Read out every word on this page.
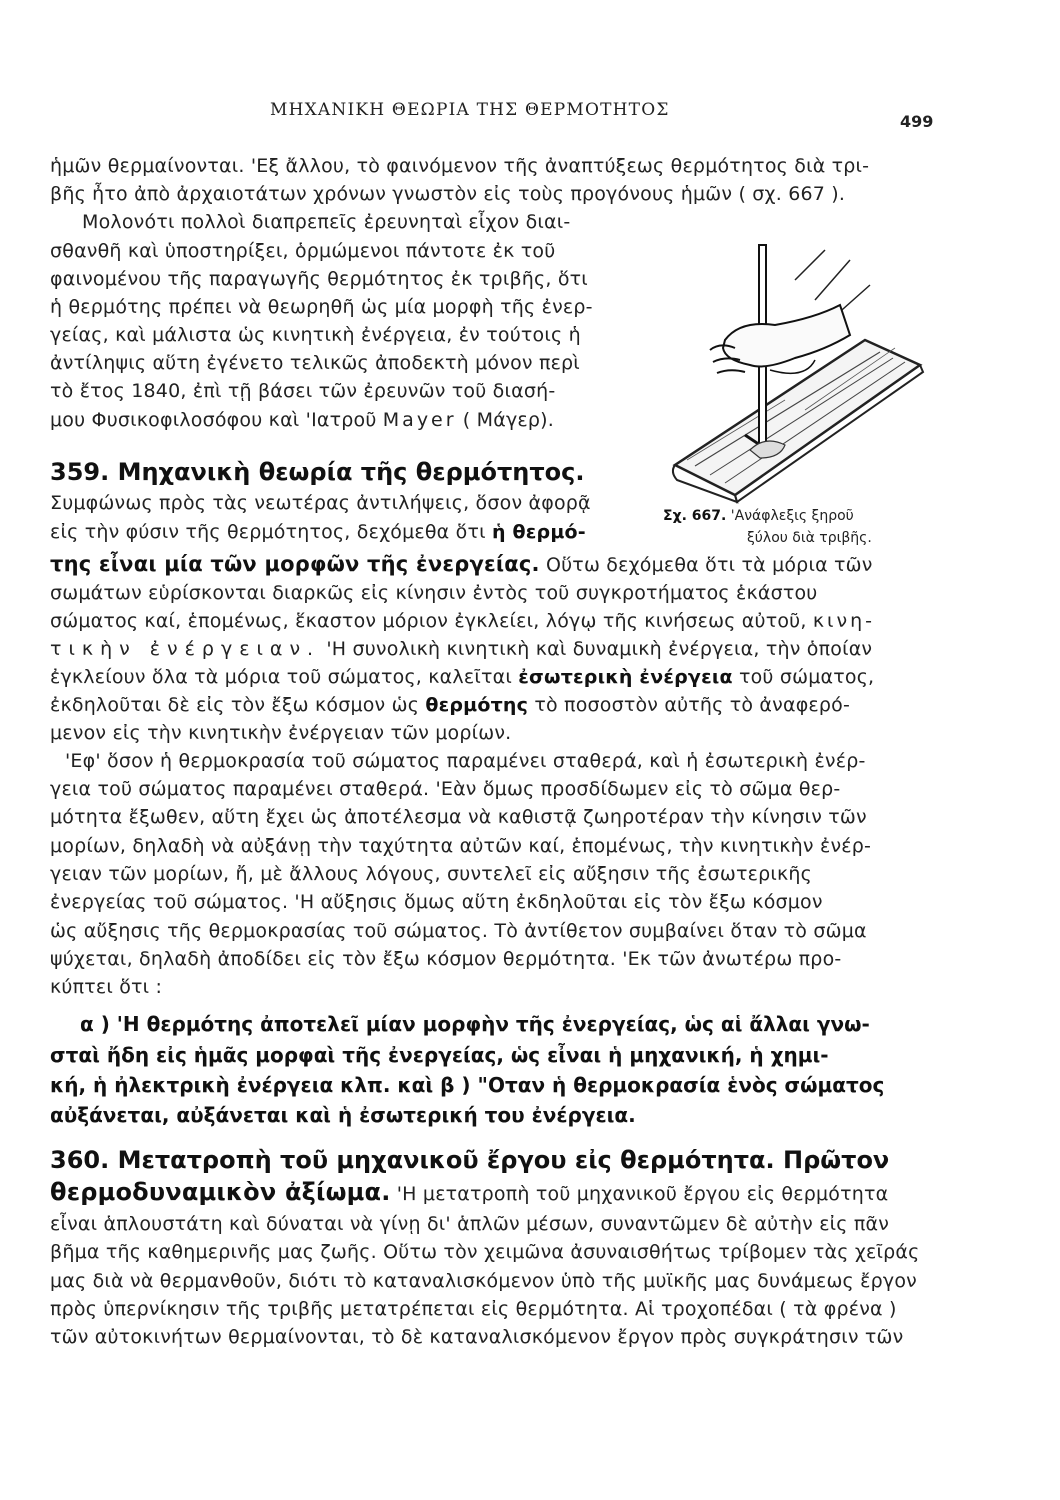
ΜΗΧΑΝΙΚΗ ΘΕΩΡΙΑ ΤΗΣ ΘΕΡΜΟΤΗΤΟΣ
499
ἡμῶν θερμαίνονται. 'Εξ ἄλλου, τὸ φαινόμενον τῆς ἀναπτύξεως θερμότητος διὰ τρι-
βῆς ἦτο ἀπὸ ἀρχαιοτάτων χρόνων γνωστὸν εἰς τοὺς προγόνους ἡμῶν ( σχ. 667 ).
Μολονότι πολλοὶ διαπρεπεῖς ἐρευνηταὶ εἶχον διαι-
σθανθῆ καὶ ὑποστηρίξει, ὁρμώμενοι πάντοτε ἐκ τοῦ
φαινομένου τῆς παραγωγῆς θερμότητος ἐκ τριβῆς, ὅτι
ἡ θερμότης πρέπει νὰ θεωρηθῆ ὡς μία μορφὴ τῆς ἐνερ-
γείας, καὶ μάλιστα ὡς κινητικὴ ἐνέργεια, ἐν τούτοις ἡ
ἀντίληψις αὕτη ἐγένετο τελικῶς ἀποδεκτὴ μόνον περὶ
τὸ ἔτος 1840, ἐπὶ τῇ βάσει τῶν ἐρευνῶν τοῦ διασή-
μου Φυσικοφιλοσόφου καὶ 'Ιατροῦ Mayer ( Μάγερ).
Σχ. 667. 'Ανάφλεξις ξηροῦ
ξύλου διὰ τριβῆς.
359. Μηχανικὴ θεωρία τῆς θερμότητος.
Συμφώνως πρὸς τὰς νεωτέρας ἀντιλήψεις, ὅσον ἀφορᾷ
εἰς τὴν φύσιν τῆς θερμότητος, δεχόμεθα ὅτι ἡ θερμό-
της εἶναι μία τῶν μορφῶν τῆς ἐνεργείας. Οὕτω δεχόμεθα ὅτι τὰ μόρια τῶν
σωμάτων εὑρίσκονται διαρκῶς εἰς κίνησιν ἐντὸς τοῦ συγκροτήματος ἑκάστου
σώματος καί, ἑπομένως, ἕκαστον μόριον ἐγκλείει, λόγῳ τῆς κινήσεως αὐτοῦ, κινη-
τικὴν ἐνέργειαν. 'Η συνολικὴ κινητικὴ καὶ δυναμικὴ ἐνέργεια, τὴν ὁποίαν
ἐγκλείουν ὅλα τὰ μόρια τοῦ σώματος, καλεῖται ἐσωτερικὴ ἐνέργεια τοῦ σώματος,
ἐκδηλοῦται δὲ εἰς τὸν ἔξω κόσμον ὡς θερμότης τὸ ποσοστὸν αὐτῆς τὸ ἀναφερό-
μενον εἰς τὴν κινητικὴν ἐνέργειαν τῶν μορίων.
'Εφ' ὅσον ἡ θερμοκρασία τοῦ σώματος παραμένει σταθερά, καὶ ἡ ἐσωτερικὴ ἐνέρ-
γεια τοῦ σώματος παραμένει σταθερά. 'Εὰν ὅμως προσδίδωμεν εἰς τὸ σῶμα θερ-
μότητα ἔξωθεν, αὕτη ἔχει ὡς ἀποτέλεσμα νὰ καθιστᾷ ζωηροτέραν τὴν κίνησιν τῶν
μορίων, δηλαδὴ νὰ αὐξάνῃ τὴν ταχύτητα αὐτῶν καί, ἑπομένως, τὴν κινητικὴν ἐνέρ-
γειαν τῶν μορίων, ἤ, μὲ ἄλλους λόγους, συντελεῖ εἰς αὔξησιν τῆς ἐσωτερικῆς
ἐνεργείας τοῦ σώματος. 'Η αὔξησις ὅμως αὕτη ἐκδηλοῦται εἰς τὸν ἔξω κόσμον
ὡς αὔξησις τῆς θερμοκρασίας τοῦ σώματος. Τὸ ἀντίθετον συμβαίνει ὅταν τὸ σῶμα
ψύχεται, δηλαδὴ ἀποδίδει εἰς τὸν ἔξω κόσμον θερμότητα. 'Εκ τῶν ἀνωτέρω προ-
κύπτει ὅτι :
α ) 'Η θερμότης ἀποτελεῖ μίαν μορφὴν τῆς ἐνεργείας, ὡς αἱ ἄλλαι γνω-
σταὶ ἤδη εἰς ἡμᾶς μορφαὶ τῆς ἐνεργείας, ὡς εἶναι ἡ μηχανική, ἡ χημι-
κή, ἡ ἠλεκτρικὴ ἐνέργεια κλπ. καὶ β ) "Οταν ἡ θερμοκρασία ἑνὸς σώματος
αὐξάνεται, αὐξάνεται καὶ ἡ ἐσωτερική του ἐνέργεια.
360. Μετατροπὴ τοῦ μηχανικοῦ ἔργου εἰς θερμότητα. Πρῶτον
θερμοδυναμικὸν ἀξίωμα. 'Η μετατροπὴ τοῦ μηχανικοῦ ἔργου εἰς θερμότητα
εἶναι ἁπλουστάτη καὶ δύναται νὰ γίνῃ δι' ἁπλῶν μέσων, συναντῶμεν δὲ αὐτὴν εἰς πᾶν
βῆμα τῆς καθημερινῆς μας ζωῆς. Οὕτω τὸν χειμῶνα ἀσυναισθήτως τρίβομεν τὰς χεῖράς
μας διὰ νὰ θερμανθοῦν, διότι τὸ καταναλισκόμενον ὑπὸ τῆς μυϊκῆς μας δυνάμεως ἔργον
πρὸς ὑπερνίκησιν τῆς τριβῆς μετατρέπεται εἰς θερμότητα. Αἱ τροχοπέδαι ( τὰ φρένα )
τῶν αὐτοκινήτων θερμαίνονται, τὸ δὲ καταναλισκόμενον ἔργον πρὸς συγκράτησιν τῶν
